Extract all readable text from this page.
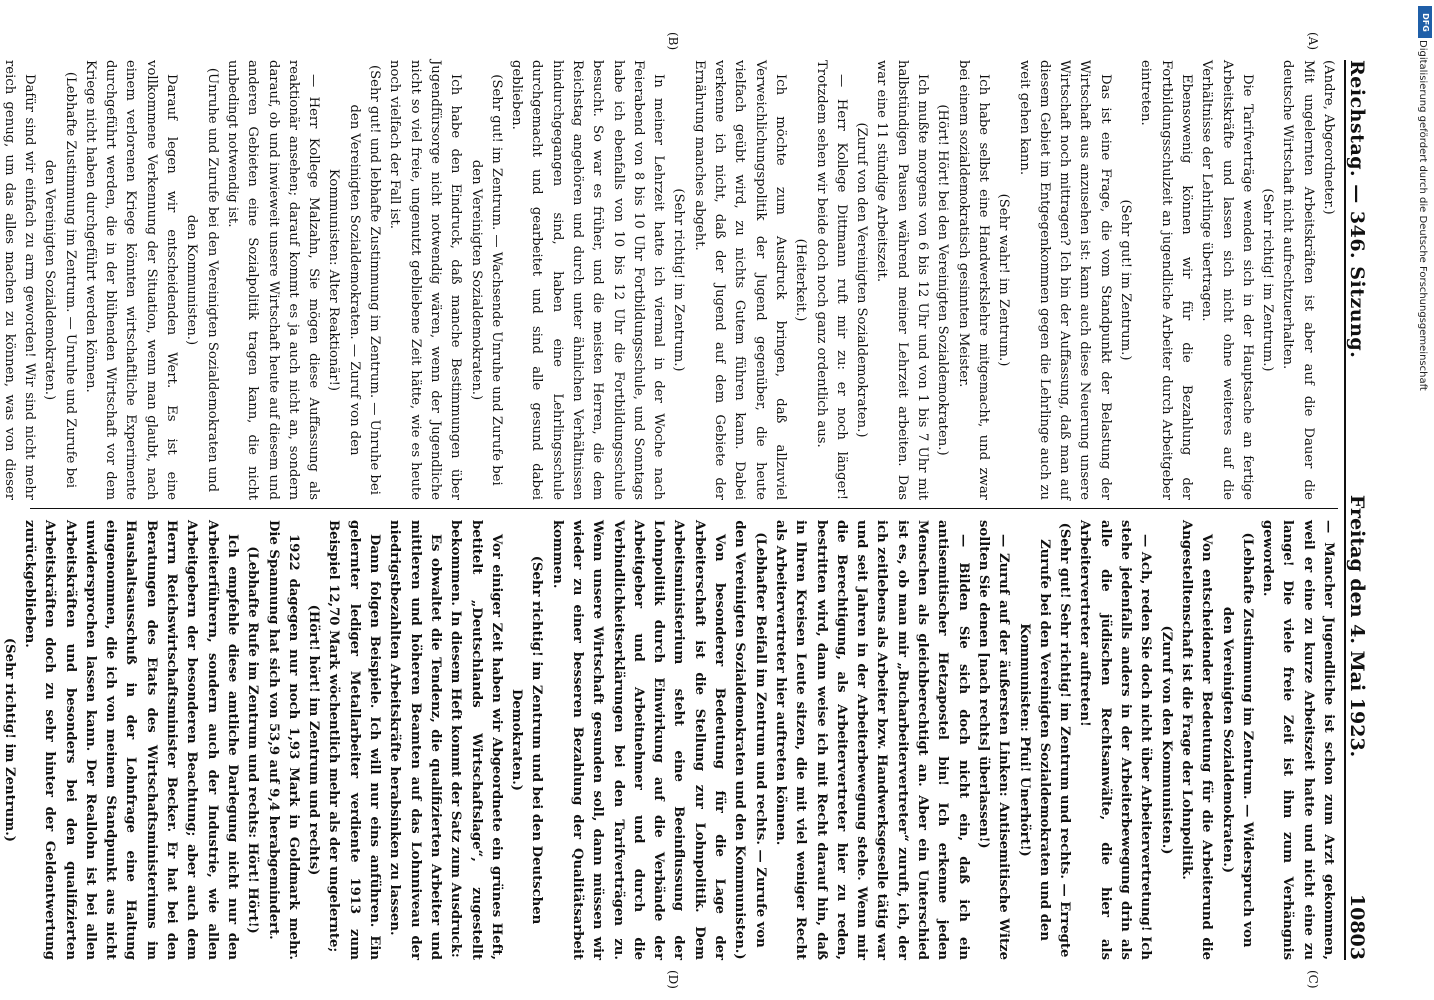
Reichstag. — 346. Sitzung.
Freitag den 4. Mai 1923.
10803
(A)
(B)
(C)
(D)

(Andre, Abgeordneter.)

Mit ungelernten Arbeitskräften ist aber auf die Dauer die deutsche Wirtschaft nicht aufrechtzuerhalten.

(Sehr richtig! im Zentrum.)

Die Tarifverträge wenden sich in der Hauptsache an fertige Arbeitskräfte und lassen sich nicht ohne weiteres auf die Verhältnisse der Lehrlinge übertragen.

Ebensowenig können wir für die Bezahlung der Fortbildungsschulzeit an jugendliche Arbeiter durch Arbeitgeber eintreten.

(Sehr gut! im Zentrum.)

Das ist eine Frage, die vom Standpunkt der Belastung der Wirtschaft aus anzusehen ist: kann auch diese Neuerung unsere Wirtschaft noch mittragen? Ich bin der Auffassung, daß man auf diesem Gebiet im Entgegenkommen gegen die Lehrlinge auch zu weit gehen kann.

(Sehr wahr! im Zentrum.)

Ich habe selbst eine Handwerkslehre mitgemacht, und zwar bei einem sozialdemokratisch gesinnten Meister.

(Hört! Hört! bei den Vereinigten Sozialdemokraten.)

Ich mußte morgens von 6 bis 12 Uhr und von 1 bis 7 Uhr mit halbstündigen Pausen während meiner Lehrzeit arbeiten. Das war eine 11 stündige Arbeitszeit.

(Zuruf von den Vereinigten Sozialdemokraten.)

— Herr Kollege Dittmann ruft mir zu: er noch länger! Trotzdem sehen wir beide doch noch ganz ordentlich aus.

(Heiterkeit.)

Ich möchte zum Ausdruck bringen, daß allzuviel Verweichlichungspolitik der Jugend gegenüber, die heute vielfach geübt wird, zu nichts Gutem führen kann. Dabei verkenne ich nicht, daß der Jugend auf dem Gebiete der Ernährung manches abgeht.

(Sehr richtig! im Zentrum.)

In meiner Lehrzeit hatte ich viermal in der Woche nach Feierabend von 8 bis 10 Uhr Fortbildungsschule, und Sonntags habe ich ebenfalls von 10 bis 12 Uhr die Fortbildungsschule besucht. So war es früher, und die meisten Herren, die dem Reichstag angehören und durch unter ähnlichen Verhältnissen hindurchgegangen sind, haben eine Lehrlingsschule durchgemacht und gearbeitet und sind alle gesund dabei geblieben.

(Sehr gut! im Zentrum. — Wachsende Unruhe und Zurufe bei den Vereinigten Sozialdemokraten.)

Ich habe den Eindruck, daß manche Bestimmungen über Jugendfürsorge nicht notwendig wären, wenn der Jugendliche nicht so viel freie, ungenutzt gebliebene Zeit hätte, wie es heute noch vielfach der Fall ist.

(Sehr gut! und lebhafte Zustimmung im Zentrum. — Unruhe bei den Vereinigten Sozialdemokraten. — Zuruf von den Kommunisten: Alter Reaktionär!)

— Herr Kollege Malzahn, Sie mögen diese Auffassung als reaktionär ansehen; darauf kommt es ja auch nicht an, sondern darauf, ob und inwieweit unsere Wirtschaft heute auf diesem und anderen Gebieten eine Sozialpolitik tragen kann, die nicht unbedingt notwendig ist.

(Unruhe und Zurufe bei den Vereinigten Sozialdemokraten und den Kommunisten.)

Darauf legen wir entscheidenden Wert. Es ist eine vollkommene Verkennung der Situation, wenn man glaubt, nach einem verlorenen Kriege könnten wirtschaftliche Experimente durchgeführt werden, die in der blühenden Wirtschaft vor dem Kriege nicht haben durchgeführt werden können.

(Lebhafte Zustimmung im Zentrum. — Unruhe und Zurufe bei den Vereinigten Sozialdemokraten.)

Dafür sind wir einfach zu arm geworden! Wir sind nicht mehr reich genug, um das alles machen zu können, was von dieser

— Mancher Jugendliche ist schon zum Arzt gekommen, weil er eine zu kurze Arbeitszeit hatte und nicht eine zu lange! Die viele freie Zeit ist ihm zum Verhängnis geworden.

(Lebhafte Zustimmung im Zentrum. — Widerspruch von den Vereinigten Sozialdemokraten.)

Von entscheidender Bedeutung für die Arbeiterund die Angestelltenschaft ist die Frage der Lohnpolitik.

(Zuruf von den Kommunisten.)

— Ach, reden Sie doch nicht über Arbeitervertretung! Ich stehe jedenfalls anders in der Arbeiterbewegung drin als alle die jüdischen Rechtsanwälte, die hier als Arbeitervertreter auftreten!

(Sehr gut! Sehr richtig! im Zentrum und rechts. — Erregte Zurufe bei den Vereinigten Sozialdemokraten und den Kommunisten: Pfui! Unerhört!)

— Zuruf auf der äußersten Linken: Antisemitische Witze sollten Sie denen [nach rechts] überlassen!)

— Bilden Sie sich doch nicht ein, daß ich ein antisemitischer Hetzapostel bin! Ich erkenne jeden Menschen als gleichberechtigt an. Aber ein Unterschied ist es, ob man mir „Bucharbeitervertreter“ zuruft, ich, der ich zeitlebens als Arbeiter bzw. Handwerksgeselle tätig war und seit Jahren in der Arbeiterbewegung stehe. Wenn mir die Berechtigung, als Arbeitervertreter hier zu reden, bestritten wird, dann weise ich mit Recht darauf hin, daß in Ihren Kreisen Leute sitzen, die mit viel weniger Recht als Arbeitervertreter hier auftreten können.

(Lebhafter Beifall im Zentrum und rechts. — Zurufe von den Vereinigten Sozialdemokraten und den Kommunisten.)

Von besonderer Bedeutung für die Lage der Arbeiterschaft ist die Stellung zur Lohnpolitik. Dem Arbeitsministerium steht eine Beeinflussung der Lohnpolitik durch Einwirkung auf die Verbände der Arbeitgeber und Arbeitnehmer und durch die Verbindlichkeitserklärungen bei den Tarifverträgen zu. Wenn unsere Wirtschaft gesunden soll, dann müssen wir wieder zu einer besseren Bezahlung der Qualitätsarbeit kommen.

(Sehr richtig! im Zentrum und bei den Deutschen Demokraten.)

Vor einiger Zeit haben wir Abgeordnete ein grünes Heft, betitelt „Deutschlands Wirtschaftslage“, zugestellt bekommen. In diesem Heft kommt der Satz zum Ausdruck:

Es obwaltet die Tendenz, die qualifizierten Arbeiter und mittleren und höheren Beamten auf das Lohnniveau der niedrigstbezahlten Arbeitskräfte herabsinken zu lassen.

Dann folgen Beispiele. Ich will nur eins anführen. Ein gelernter lediger Metallarbeiter verdiente 1913 zum Beispiel 12,70 Mark wöchentlich mehr als der ungelernte;

(Hört! hört! im Zentrum und rechts)

1922 dagegen nur noch 1,93 Mark in Goldmark mehr. Die Spannung hat sich von 53,9 auf 9,4 herabgemindert.

(Lebhafte Rufe im Zentrum und rechts: Hört! Hört!)

Ich empfehle diese amtliche Darlegung nicht nur den Arbeiterführern, sondern auch der Industrie, wie allen Arbeitgebern der besonderen Beachtung; aber auch dem Herrn Reichswirtschaftsminister Becker. Er hat bei den Beratungen des Etats des Wirtschaftsministeriums im Haushaltsausschuß in der Lohnfrage eine Haltung eingenommen, die ich von meinem Standpunkt aus nicht unwidersprochen lassen kann. Der Reallohn ist bei allen Arbeitskräften und besonders bei den qualifizierten Arbeitskräften doch zu sehr hinter der Geldentwertung zurückgeblieben.

(Sehr richtig! im Zentrum.)

DFG
Digitalisierung gefördert durch die Deutsche Forschungsgemeinschaft
